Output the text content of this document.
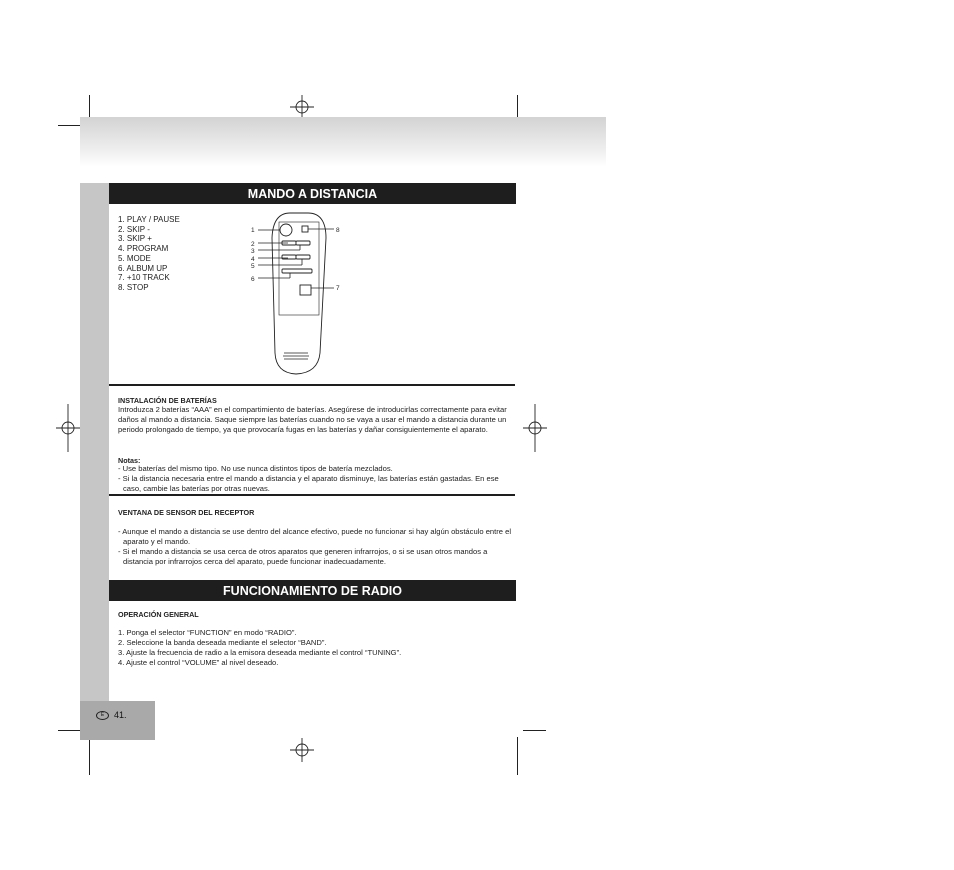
E	41.
MANDO A DISTANCIA
1. PLAY / PAUSE
2. SKIP -
3. SKIP +
4. PROGRAM
5. MODE
6. ALBUM UP
7. +10 TRACK
8. STOP
1
2
3
4
5
6
7
8
INSTALACIÓN DE BATERÍAS

Introduzca 2 baterías “AAA” en el compartimiento de baterías. Asegúrese de introducirlas correctamente para evitar daños al mando a distancia. Saque siempre las baterías cuando no se vaya a usar el mando a distancia durante un periodo prolongado de tiempo, ya que provocaría fugas en las baterías y dañar consiguientemente el aparato.

Notas:

- Use baterías del mismo tipo. No use nunca distintos tipos de batería mezclados.

- Si la distancia necesaria entre el mando a distancia y el aparato disminuye, las baterías están gastadas. En ese caso, cambie las baterías por otras nuevas.

VENTANA DE SENSOR DEL RECEPTOR

- Aunque el mando a distancia se use dentro del alcance efectivo, puede no funcionar si hay algún obstáculo entre el aparato y el mando.

- Si el mando a distancia se usa cerca de otros aparatos que generen infrarrojos, o si se usan otros mandos a distancia por infrarrojos cerca del aparato, puede funcionar inadecuadamente.

FUNCIONAMIENTO DE RADIO
OPERACIÓN GENERAL

1. Ponga el selector “FUNCTION” en modo “RADIO”.

2. Seleccione la banda deseada mediante el selector “BAND”.

3. Ajuste la frecuencia de radio a la emisora deseada mediante el control “TUNING”.

4. Ajuste el control “VOLUME” al nivel deseado.
